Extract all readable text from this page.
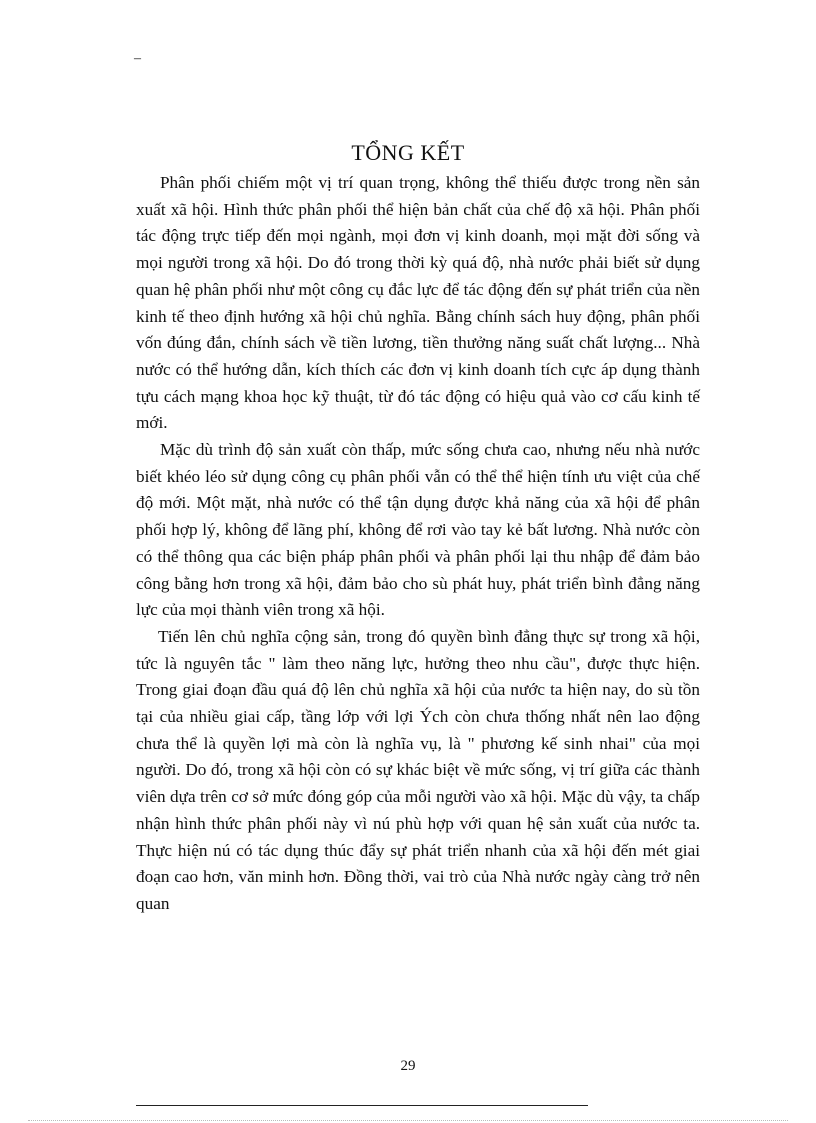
–
TỔNG KẾT

Phân phối chiếm một vị trí quan trọng, không thể thiếu được trong nền sản xuất xã hội. Hình thức phân phối thể hiện bản chất của chế độ xã hội. Phân phối tác động trực tiếp đến mọi ngành, mọi đơn vị kinh doanh, mọi mặt đời sống và mọi người trong xã hội. Do đó trong thời kỳ quá độ, nhà nước phải biết sử dụng quan hệ phân phối như một công cụ đắc lực để tác động đến sự phát triển của nền kinh tế theo định hướng xã hội chủ nghĩa. Bằng chính sách huy động, phân phối vốn đúng đắn, chính sách về tiền lương, tiền thưởng năng suất chất lượng... Nhà nước có thể hướng dẫn, kích thích các đơn vị kinh doanh tích cực áp dụng thành tựu cách mạng khoa học kỹ thuật, từ đó tác động có hiệu quả vào cơ cấu kinh tế mới.

Mặc dù trình độ sản xuất còn thấp, mức sống chưa cao, nhưng nếu nhà nước biết khéo léo sử dụng công cụ phân phối vẫn có thể thể hiện tính ưu việt của chế độ mới. Một mặt, nhà nước có thể tận dụng được khả năng của xã hội để phân phối hợp lý, không để lãng phí, không để rơi vào tay kẻ bất lương. Nhà nước còn có thể thông qua các biện pháp phân phối và phân phối lại thu nhập để đảm bảo công bằng hơn trong xã hội, đảm bảo cho sù phát huy, phát triển bình đẳng năng lực của mọi thành viên trong xã hội.

Tiến lên chủ nghĩa cộng sản, trong đó quyền bình đẳng thực sự trong xã hội, tức là nguyên tắc " làm theo năng lực, hưởng theo nhu cầu", được thực hiện. Trong giai đoạn đầu quá độ lên chủ nghĩa xã hội của nước ta hiện nay, do sù tồn tại của nhiều giai cấp, tầng lớp với lợi Ých còn chưa thống nhất nên lao động chưa thể là quyền lợi mà còn là nghĩa vụ, là " phương kế sinh nhai" của mọi người. Do đó, trong xã hội còn có sự khác biệt về mức sống, vị trí giữa các thành viên dựa trên cơ sở mức đóng góp của mỗi người vào xã hội. Mặc dù vậy, ta chấp nhận hình thức phân phối này vì nú phù hợp với quan hệ sản xuất của nước ta. Thực hiện nú có tác dụng thúc đẩy sự phát triển nhanh của xã hội đến mét giai đoạn cao hơn, văn minh hơn. Đồng thời, vai trò của Nhà nước ngày càng trở nên quan

29
